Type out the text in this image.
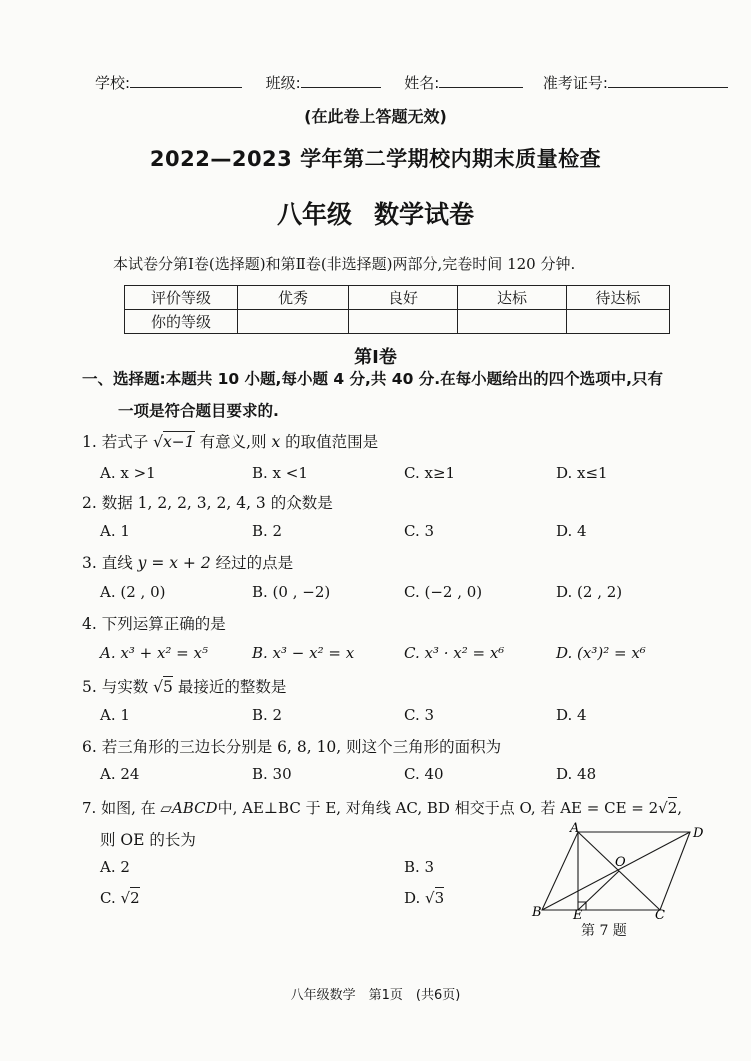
学校:	班级:	姓名:	准考证号:
(在此卷上答题无效)
2022—2023 学年第二学期校内期末质量检查
八年级 数学试卷
本试卷分第Ⅰ卷(选择题)和第Ⅱ卷(非选择题)两部分,完卷时间 120 分钟.
评价等级	优秀	良好	达标	待达标
你的等级				
第Ⅰ卷
一、选择题:本题共 10 小题,每小题 4 分,共 40 分.在每小题给出的四个选项中,只有
一项是符合题目要求的.
1. 若式子 √x−1 有意义,则 x 的取值范围是
A. x >1	B. x <1	C. x≥1	D. x≤1
2. 数据 1, 2, 2, 3, 2, 4, 3 的众数是
A. 1	B. 2	C. 3	D. 4
3. 直线 y = x + 2 经过的点是
A. (2 , 0)	B. (0 , −2)	C. (−2 , 0)	D. (2 , 2)
4. 下列运算正确的是
A. x³ + x² = x⁵	B. x³ − x² = x	C. x³ · x² = x⁶	D. (x³)² = x⁶
5. 与实数 √5 最接近的整数是
A. 1	B. 2	C. 3	D. 4
6. 若三角形的三边长分别是 6, 8, 10, 则这个三角形的面积为
A. 24	B. 30	C. 40	D. 48
7. 如图, 在 ▱ABCD中, AE⊥BC 于 E, 对角线 AC, BD 相交于点 O, 若 AE = CE = 2√2,
则 OE 的长为
A. 2	B. 3
C. √2	D. √3
A	D
B E	C
O
第 7 题
八年级数学　第1页　(共6页)
